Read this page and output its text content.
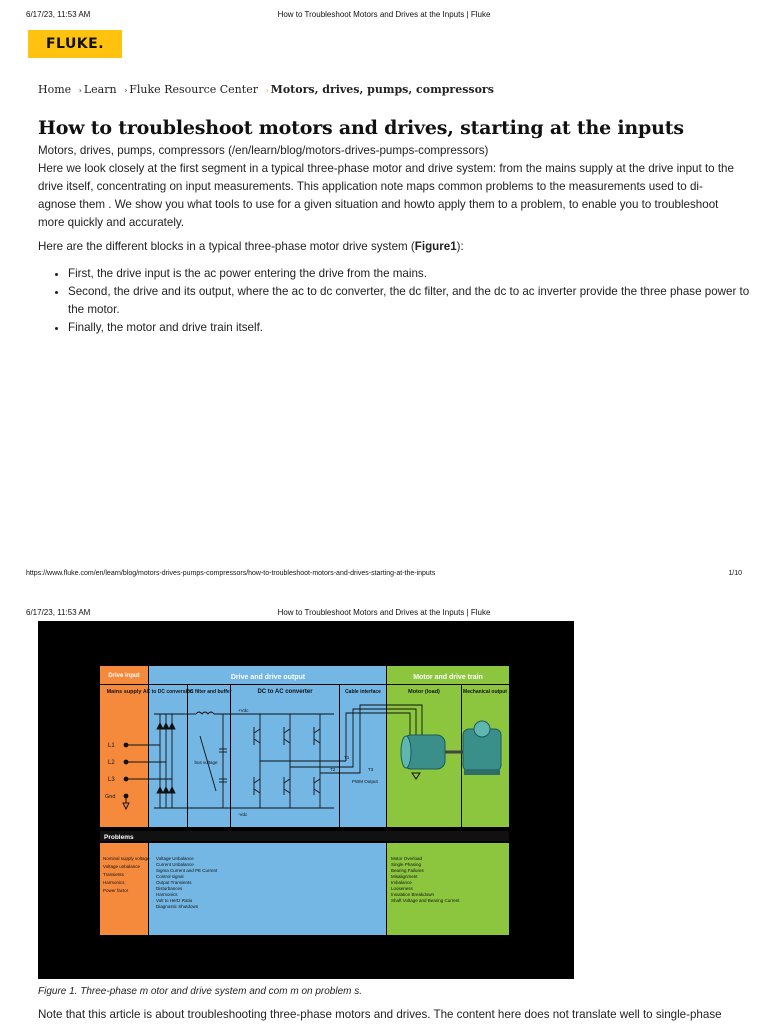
6/17/23, 11:53 AM	How to Troubleshoot Motors and Drives at the Inputs | Fluke
FLUKE.
Home › Learn › Fluke Resource Center › Motors, drives, pumps, compressors
How to troubleshoot motors and drives, starting at the inputs
Motors, drives, pumps, compressors (/en/learn/blog/motors-drives-pumps-compressors)
Here we look closely at the first segment in a typical three-phase motor and drive system: from the mains supply at the drive input to the drive itself, concentrating on input measurements. This application note maps common problems to the measurements used to di-agnose them . We show you what tools to use for a given situation and howto apply them to a problem, to enable you to troubleshoot more quickly and accurately.
Here are the different blocks in a typical three-phase motor drive system (Figure1):
• First, the drive input is the ac power entering the drive from the mains.
• Second, the drive and its output, where the ac to dc converter, the dc filter, and the dc to ac inverter provide the three phase power to the motor.
• Finally, the motor and drive train itself.
https://www.fluke.com/en/learn/blog/motors-drives-pumps-compressors/how-to-troubleshoot-motors-and-drives-starting-at-the-inputs	1/10
6/17/23, 11:53 AM	How to Troubleshoot Motors and Drives at the Inputs | Fluke
Drive input	Drive and drive output	Motor and drive train
Mains supply AC to DC conversion
DC filter and buffer	DC to AC converter	Cable interface	Motor (load)	Mechanical output
L1
L2
L3
Gnd
bus voltage
+Vdc
-Vdc
T1
T2	T3
PWM Output
Problems
Nominal supply voltage
Voltage unbalance
Transients
Harmonics
Power factor
Voltage Unbalance
Current Unbalance
Sigma Current and PE Current
Control signal
Output Transients
Disturbances
Harmonics
Volt to Hertz Ratio
Diagnostic Shutdown
Motor Overload
Single Phasing
Bearing Failures
Misalignment
Imbalance
Looseness
Insulation Breakdown
Shaft Voltage and Bearing Current
Figure 1. Three-phase m otor and drive system and com m on problem s.
Note that this article is about troubleshooting three-phase motors and drives. The content here does not translate well to single-phase
